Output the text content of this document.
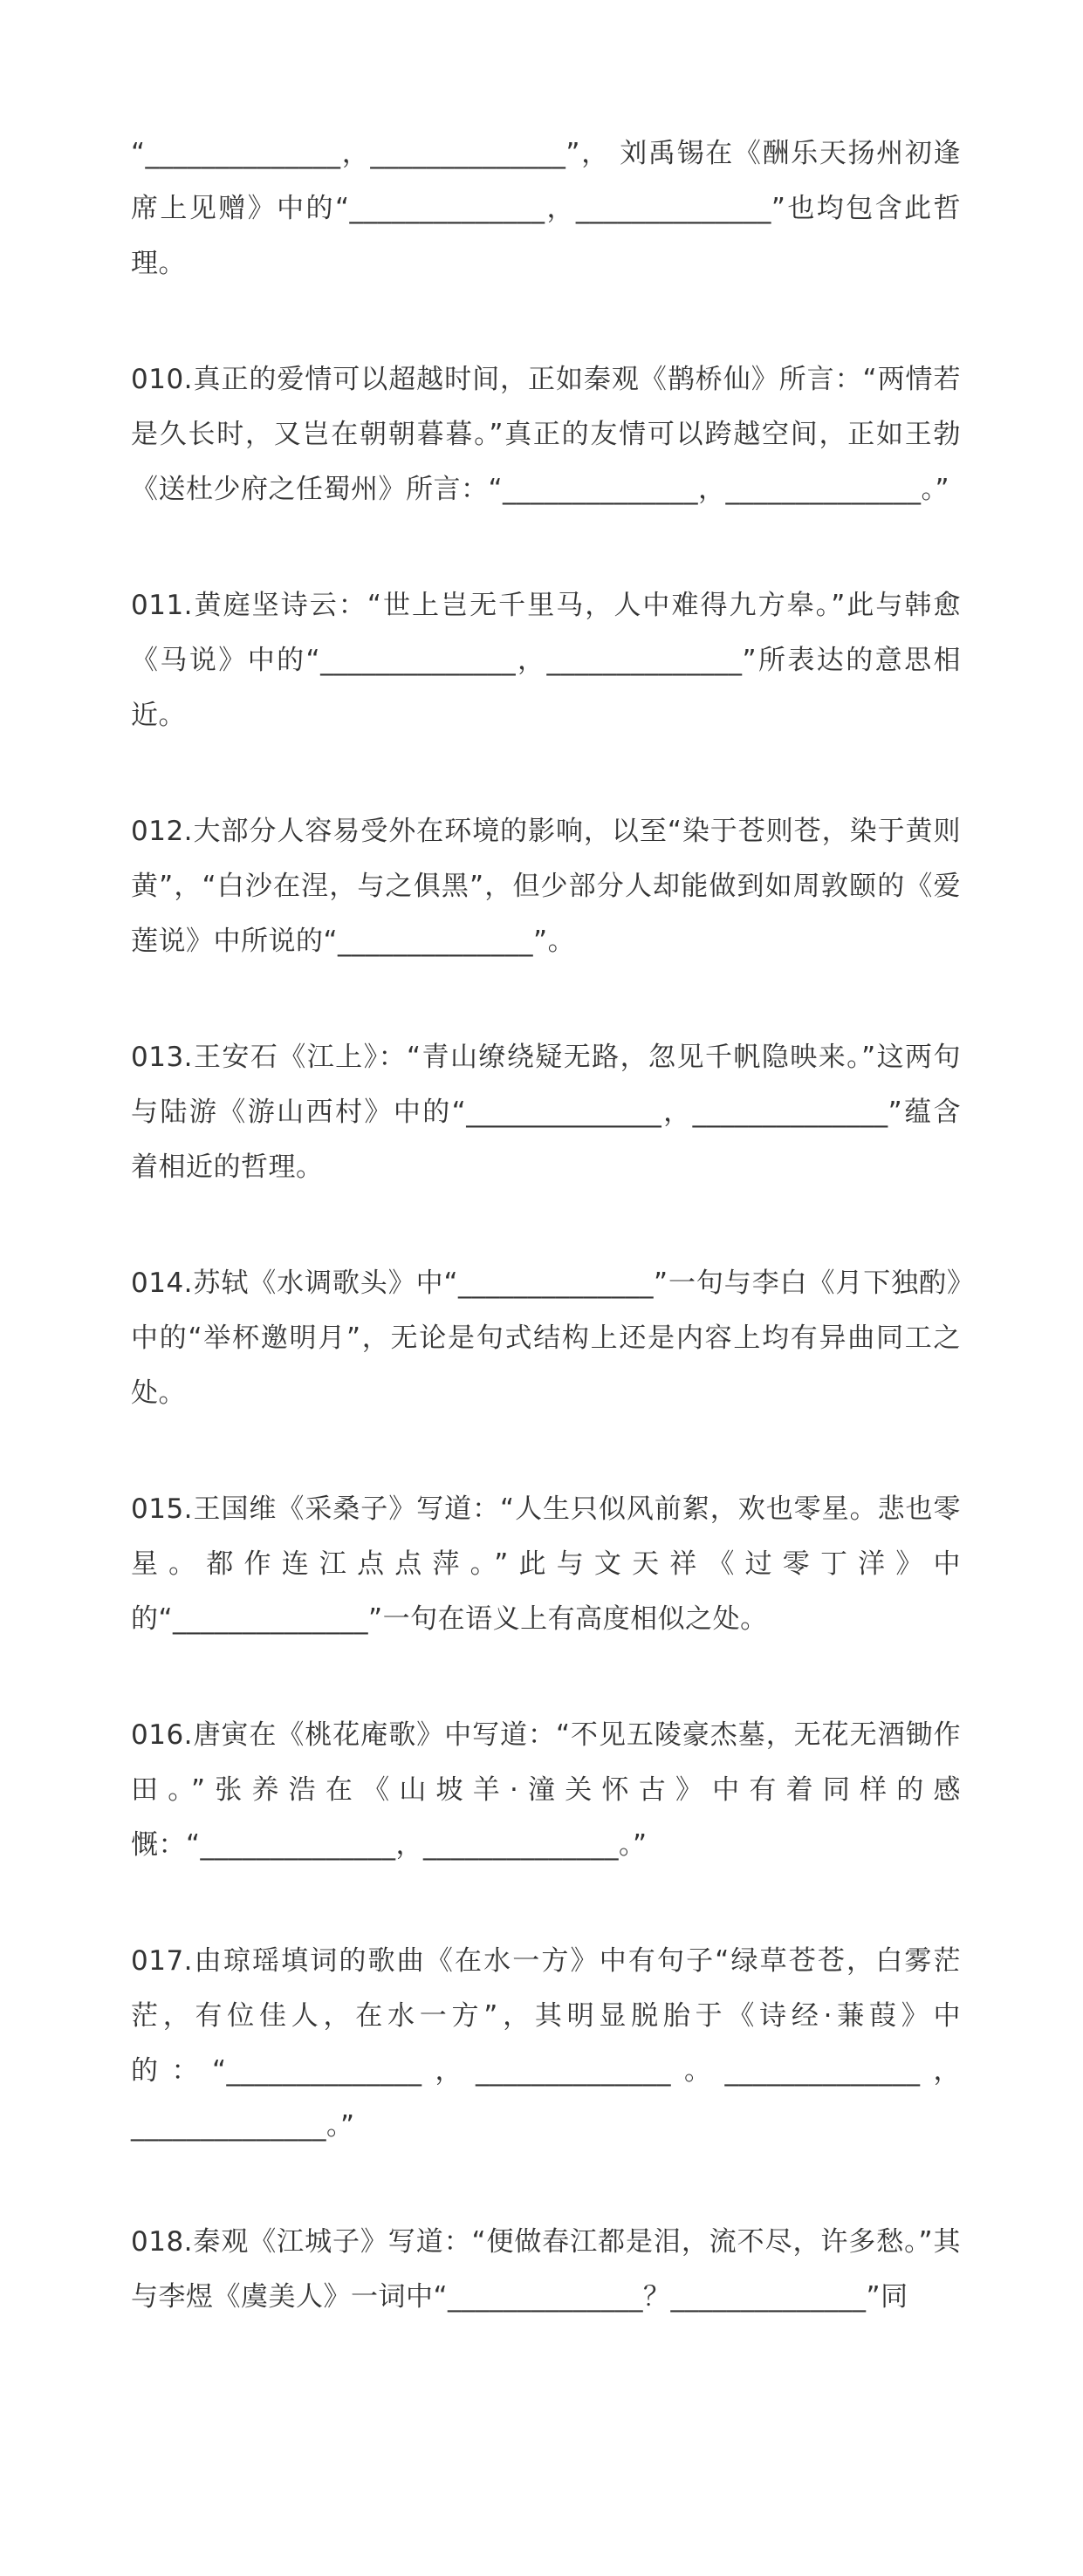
“______________，______________”， 刘禹锡在《酬乐天扬州初逢席上见赠》中的“______________，______________”也均包含此哲理。

010.真正的爱情可以超越时间，正如秦观《鹊桥仙》所言：“两情若是久长时，又岂在朝朝暮暮。”真正的友情可以跨越空间，正如王勃《送杜少府之任蜀州》所言：“______________，______________。”

011.黄庭坚诗云：“世上岂无千里马，人中难得九方皋。”此与韩愈《马说》中的“______________，______________”所表达的意思相近。

012.大部分人容易受外在环境的影响，以至“染于苍则苍，染于黄则黄”，“白沙在涅，与之俱黑”，但少部分人却能做到如周敦颐的《爱莲说》中所说的“______________”。

013.王安石《江上》：“青山缭绕疑无路，忽见千帆隐映来。”这两句与陆游《游山西村》中的“______________，______________”蕴含着相近的哲理。

014.苏轼《水调歌头》中“______________”一句与李白《月下独酌》中的“举杯邀明月”，无论是句式结构上还是内容上均有异曲同工之处。

015.王国维《采桑子》写道：“人生只似风前絮，欢也零星。悲也零星。都作连江点点萍。”此与文天祥《过零丁洋》中的“______________”一句在语义上有高度相似之处。

016.唐寅在《桃花庵歌》中写道：“不见五陵豪杰墓，无花无酒锄作田。”张养浩在《山坡羊·潼关怀古》中有着同样的感慨：“______________，______________。”

017.由琼瑶填词的歌曲《在水一方》中有句子“绿草苍苍，白雾茫茫，有位佳人，在水一方”，其明显脱胎于《诗经·蒹葭》中的：“______________，______________。______________，______________。”

018.秦观《江城子》写道：“便做春江都是泪，流不尽，许多愁。”其与李煜《虞美人》一词中“______________？______________”同
